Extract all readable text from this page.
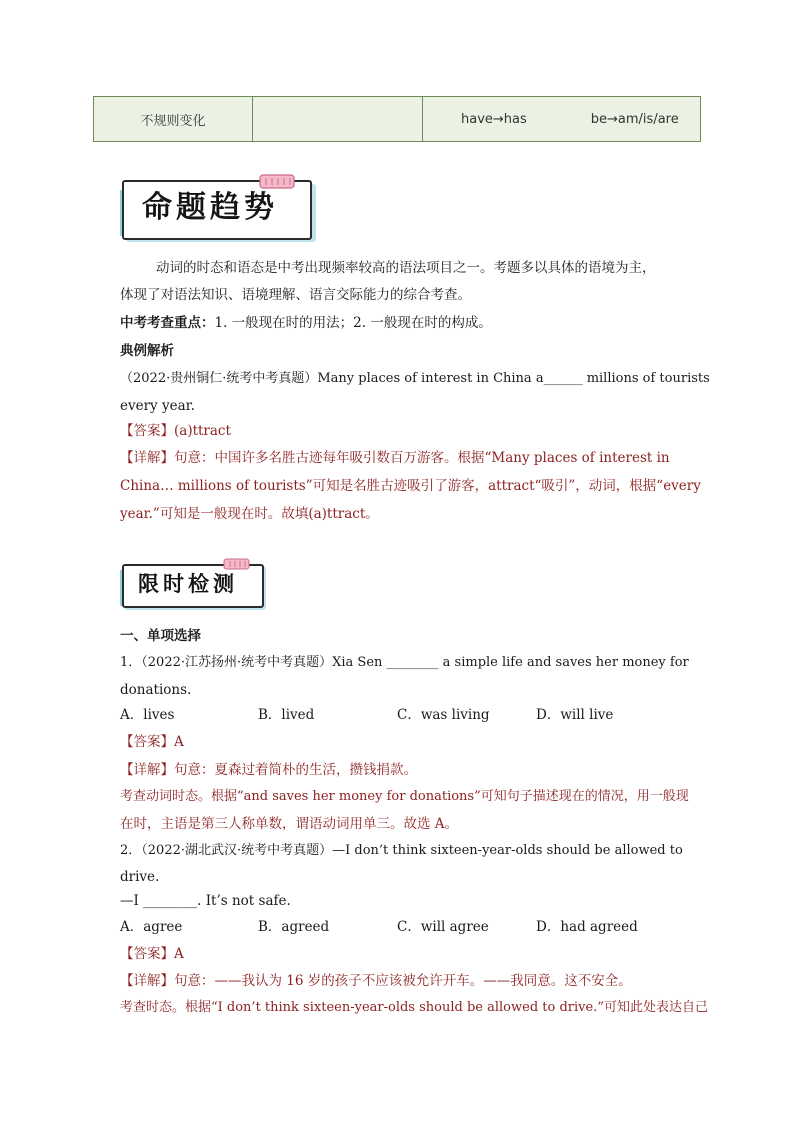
不规则变化		have→has	be→am/is/are
命题趋势
动词的时态和语态是中考出现频率较高的语法项目之一。考题多以具体的语境为主，
体现了对语法知识、语境理解、语言交际能力的综合考查。
中考考查重点：1. 一般现在时的用法；2. 一般现在时的构成。
典例解析
（2022·贵州铜仁·统考中考真题）Many places of interest in China a______ millions of tourists
every year.
【答案】(a)ttract
【详解】句意：中国许多名胜古迹每年吸引数百万游客。根据“Many places of interest in
China… millions of tourists”可知是名胜古迹吸引了游客，attract“吸引”，动词，根据“every
year.”可知是一般现在时。故填(a)ttract。
限时检测
一、单项选择
1．（2022·江苏扬州·统考中考真题）Xia Sen ________ a simple life and saves her money for
donations.
A．lives	B．lived	C．was living	D．will live
【答案】A
【详解】句意：夏森过着简朴的生活，攒钱捐款。
考查动词时态。根据“and saves her money for donations”可知句子描述现在的情况，用一般现
在时，主语是第三人称单数，谓语动词用单三。故选 A。
2．（2022·湖北武汉·统考中考真题）—I don’t think sixteen-year-olds should be allowed to
drive.
—I ________. It’s not safe.
A．agree	B．agreed	C．will agree	D．had agreed
【答案】A
【详解】句意：——我认为 16 岁的孩子不应该被允许开车。——我同意。这不安全。
考查时态。根据“I don’t think sixteen-year-olds should be allowed to drive.”可知此处表达自己
